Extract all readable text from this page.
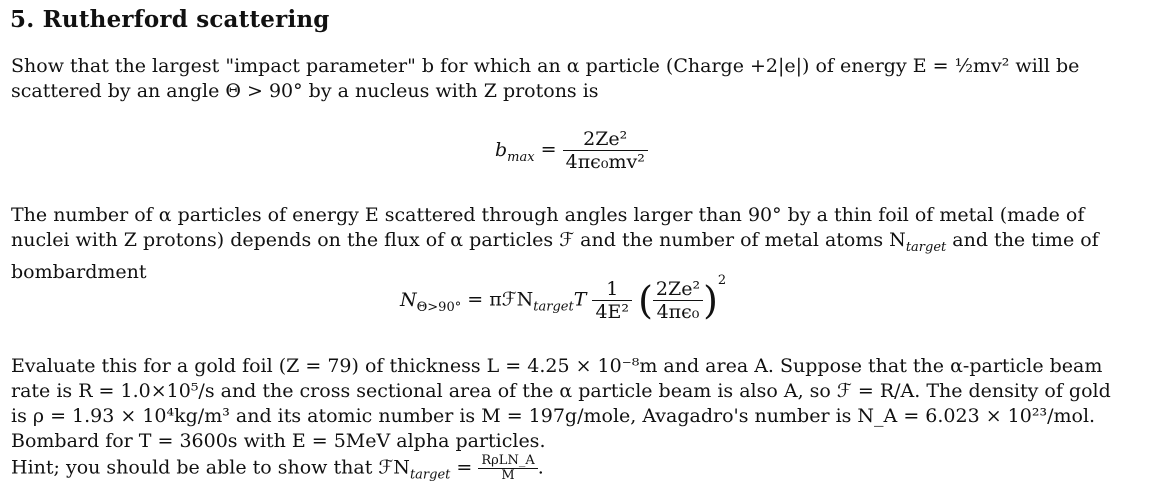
5. Rutherford scattering
Show that the largest "impact parameter" b for which an α particle (Charge +2|e|) of energy E = ½mv² will be
scattered by an angle Θ > 90° by a nucleus with Z protons is
$b_{max} = \frac{\text{2Ze²}}{\text{4πϵ₀mv²}}$
The number of α particles of energy E scattered through angles larger than 90° by a thin foil of metal (made of
nuclei with Z protons) depends on the flux of α particles ℱ and the number of metal atoms $N_{target}$ and the time of
bombardment
$N_{\Theta>90^\circ}$ = πℱN$_{target}$T $\frac{1}{\text{4E²}}$ ( $\frac{\text{2Ze²}}{\text{4πϵ₀}} )^2$
Evaluate this for a gold foil (Z = 79) of thickness L = 4.25 × 10⁻⁸m and area A. Suppose that the α-particle beam
rate is R = 1.0×10⁵/s and the cross sectional area of the α particle beam is also A, so ℱ = R/A. The density of gold
is ρ = 1.93 × 10⁴kg/m³ and its atomic number is M = 197g/mole, Avagadro's number is N_A = 6.023 × 10²³/mol.
Bombard for T = 3600s with E = 5MeV alpha particles.
Hint; you should be able to show that ℱN$_{target}$ = $\frac{\text{RρLN\_A}}{M}$ .
